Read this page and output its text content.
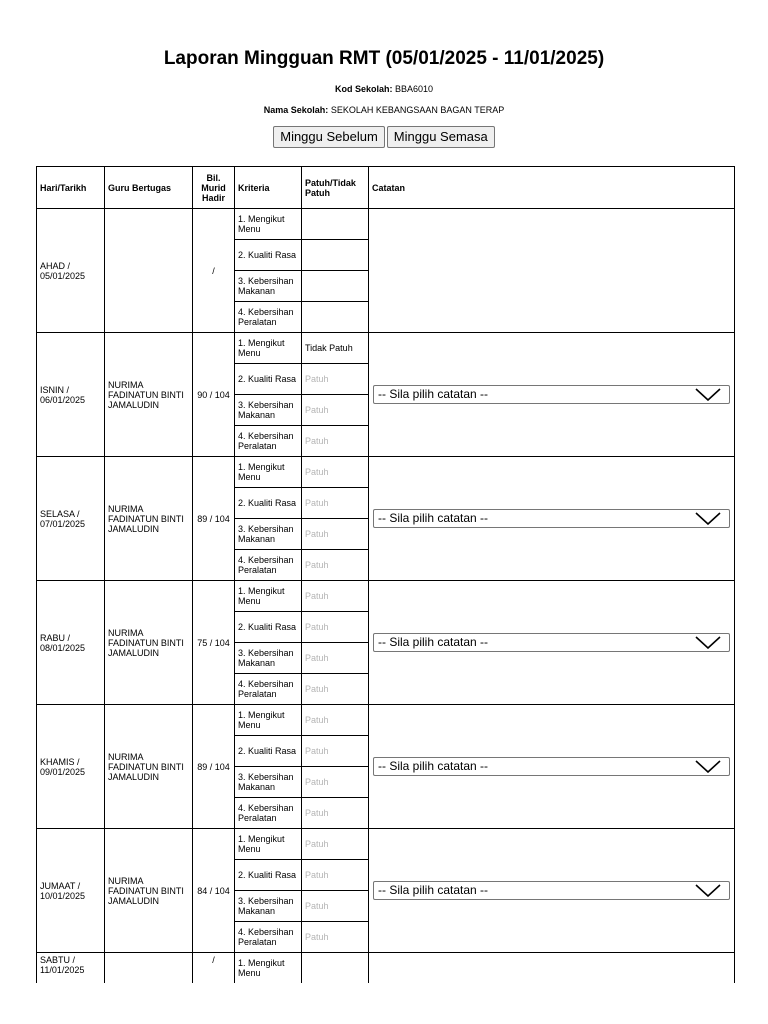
Laporan Mingguan RMT (05/01/2025 - 11/01/2025)
Kod Sekolah: BBA6010
Nama Sekolah: SEKOLAH KEBANGSAAN BAGAN TERAP
Minggu Sebelum Minggu Semasa
Hari/Tarikh	Guru Bertugas	Bil. Murid Hadir	Kriteria	Patuh/Tidak Patuh	Catatan
AHAD / 05/01/2025		/	1. Mengikut Menu		
			2. Kualiti Rasa		
			3. Kebersihan Makanan		
			4. Kebersihan Peralatan		
ISNIN / 06/01/2025	NURIMA FADINATUN BINTI JAMALUDIN	90 / 104	1. Mengikut Menu	Tidak Patuh	-- Sila pilih catatan --

			2. Kualiti Rasa	Patuh	
			3. Kebersihan Makanan	Patuh	
			4. Kebersihan Peralatan	Patuh	
SELASA / 07/01/2025	NURIMA FADINATUN BINTI JAMALUDIN	89 / 104	1. Mengikut Menu	Patuh	-- Sila pilih catatan --

			2. Kualiti Rasa	Patuh	
			3. Kebersihan Makanan	Patuh	
			4. Kebersihan Peralatan	Patuh	
RABU / 08/01/2025	NURIMA FADINATUN BINTI JAMALUDIN	75 / 104	1. Mengikut Menu	Patuh	-- Sila pilih catatan --

			2. Kualiti Rasa	Patuh	
			3. Kebersihan Makanan	Patuh	
			4. Kebersihan Peralatan	Patuh	
KHAMIS / 09/01/2025	NURIMA FADINATUN BINTI JAMALUDIN	89 / 104	1. Mengikut Menu	Patuh	-- Sila pilih catatan --

			2. Kualiti Rasa	Patuh	
			3. Kebersihan Makanan	Patuh	
			4. Kebersihan Peralatan	Patuh	
JUMAAT / 10/01/2025	NURIMA FADINATUN BINTI JAMALUDIN	84 / 104	1. Mengikut Menu	Patuh	-- Sila pilih catatan --

			2. Kualiti Rasa	Patuh	
			3. Kebersihan Makanan	Patuh	
			4. Kebersihan Peralatan	Patuh	
SABTU / 11/01/2025		/	1. Mengikut Menu		
